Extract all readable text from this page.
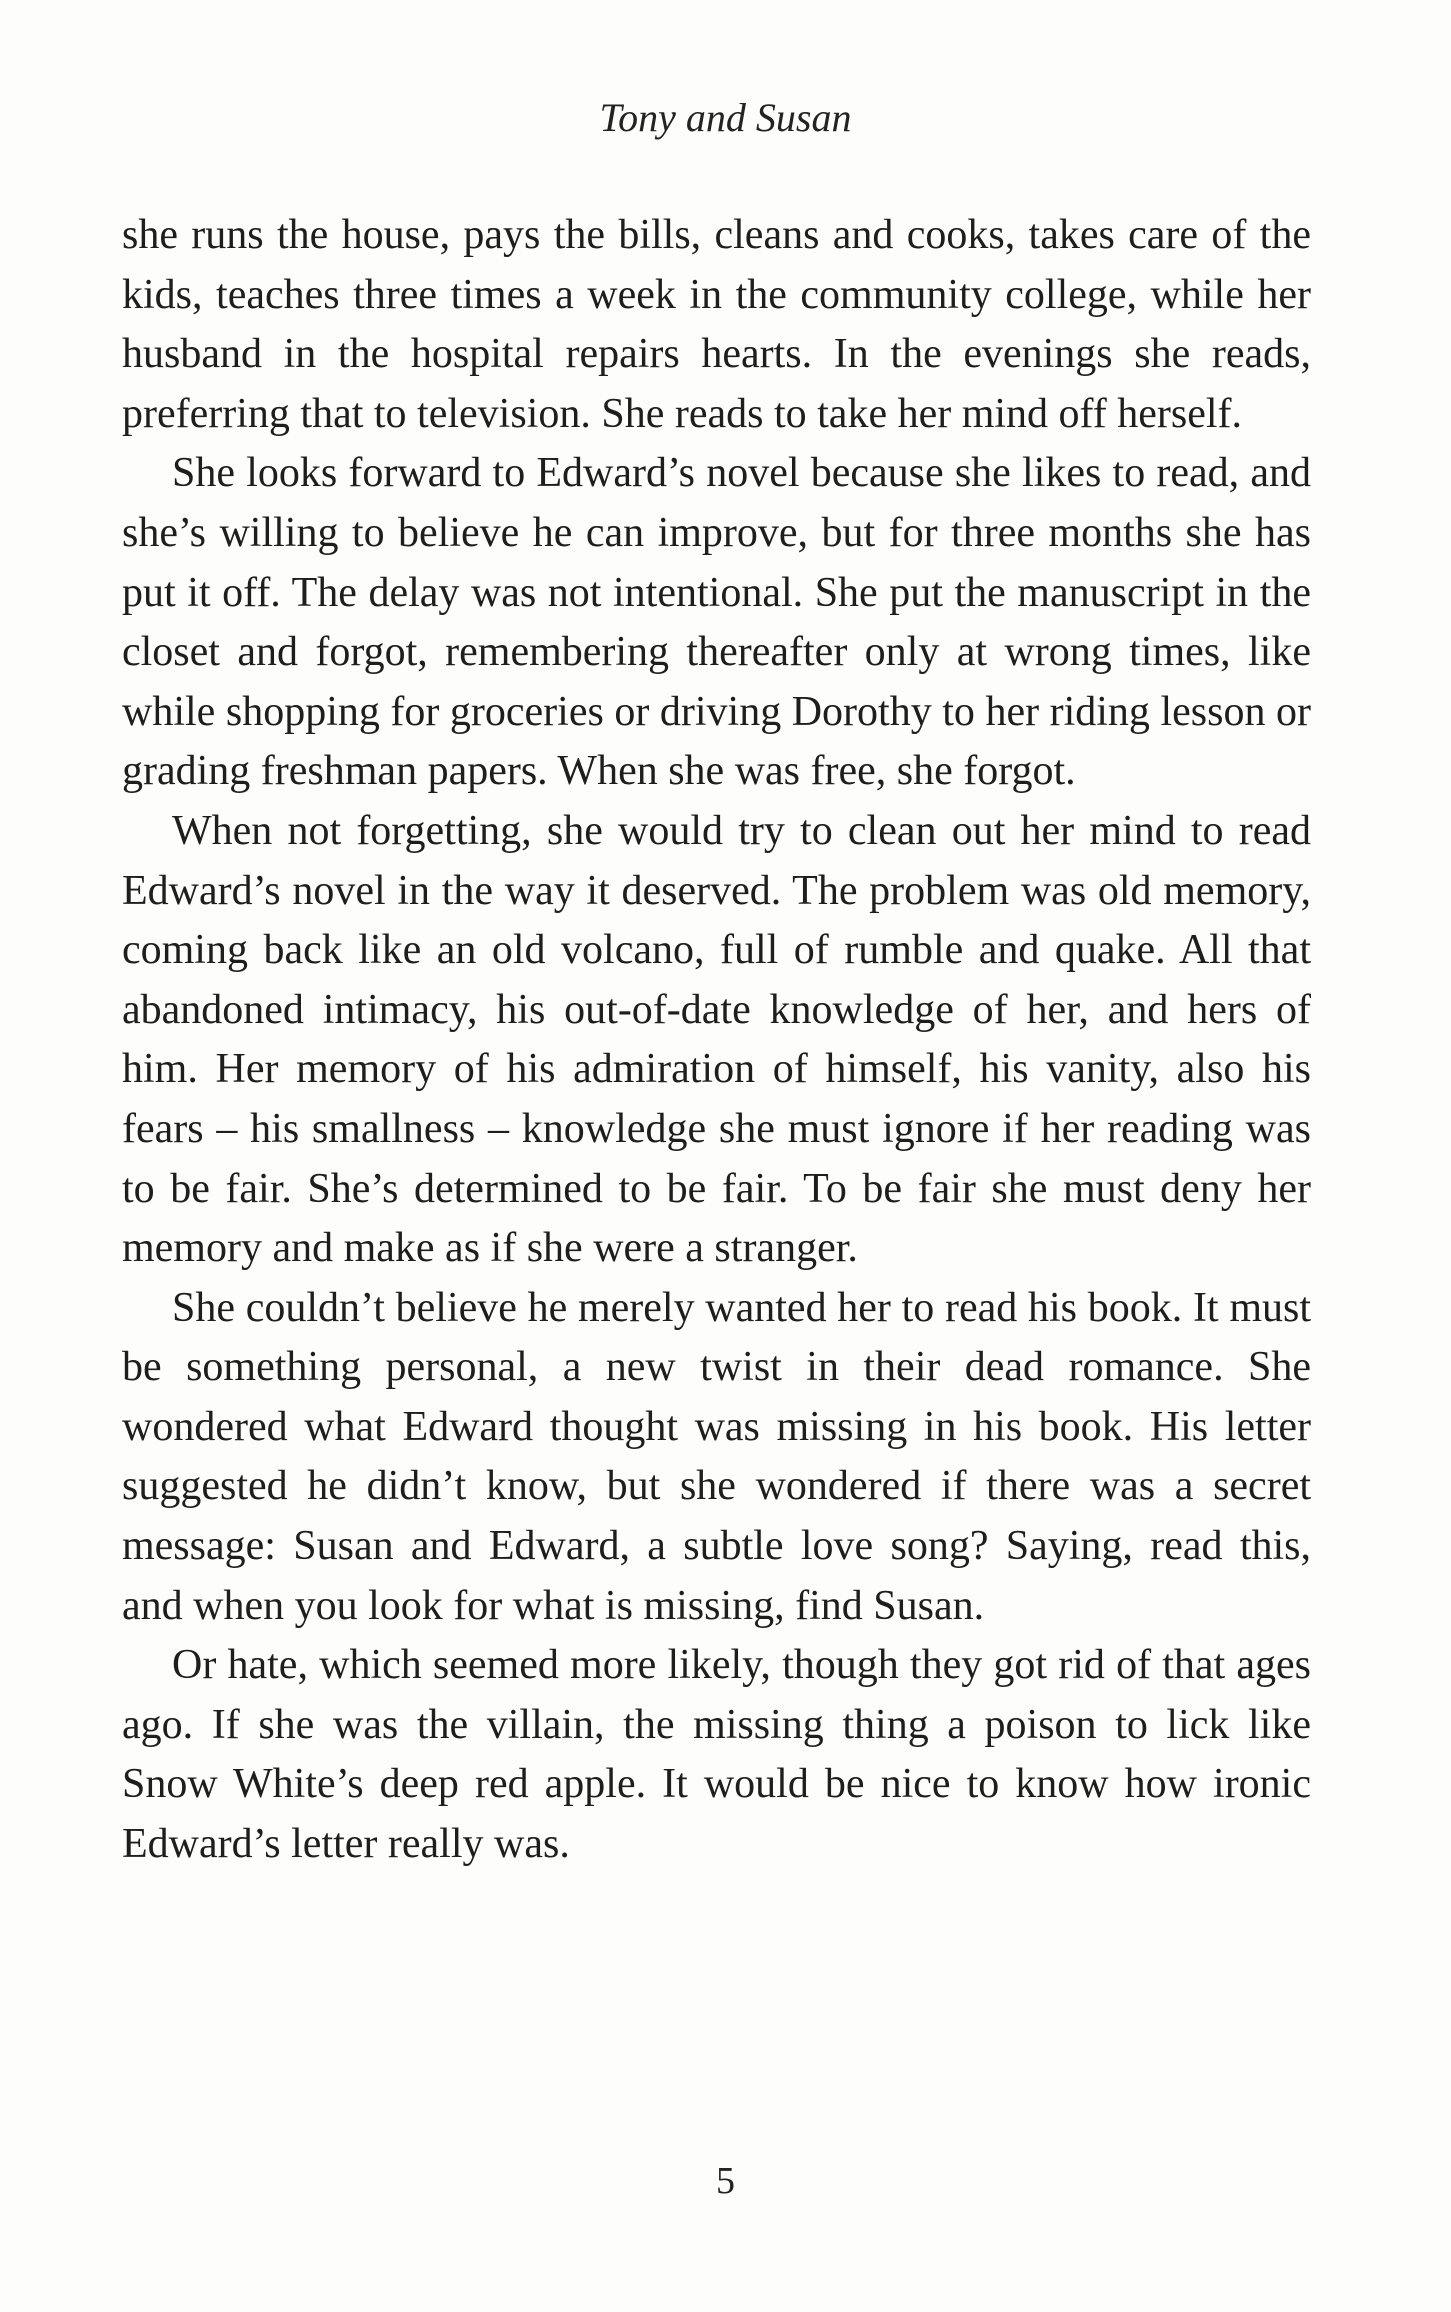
Tony and Susan

she runs the house, pays the bills, cleans and cooks, takes care of the kids, teaches three times a week in the community college, while her husband in the hospital repairs hearts. In the evenings she reads, preferring that to television. She reads to take her mind off herself.

She looks forward to Edward’s novel because she likes to read, and she’s willing to believe he can improve, but for three months she has put it off. The delay was not intentional. She put the manuscript in the closet and forgot, remembering thereafter only at wrong times, like while shopping for groceries or driving Dorothy to her riding lesson or grading freshman papers. When she was free, she forgot.

When not forgetting, she would try to clean out her mind to read Edward’s novel in the way it deserved. The problem was old memory, coming back like an old volcano, full of rumble and quake. All that abandoned intimacy, his out-of-date knowledge of her, and hers of him. Her memory of his admiration of himself, his vanity, also his fears – his smallness – knowledge she must ignore if her reading was to be fair. She’s determined to be fair. To be fair she must deny her memory and make as if she were a stranger.

She couldn’t believe he merely wanted her to read his book. It must be something personal, a new twist in their dead romance. She wondered what Edward thought was missing in his book. His letter suggested he didn’t know, but she wondered if there was a secret message: Susan and Edward, a subtle love song? Saying, read this, and when you look for what is missing, find Susan.

Or hate, which seemed more likely, though they got rid of that ages ago. If she was the villain, the missing thing a poison to lick like Snow White’s deep red apple. It would be nice to know how ironic Edward’s letter really was.

5
